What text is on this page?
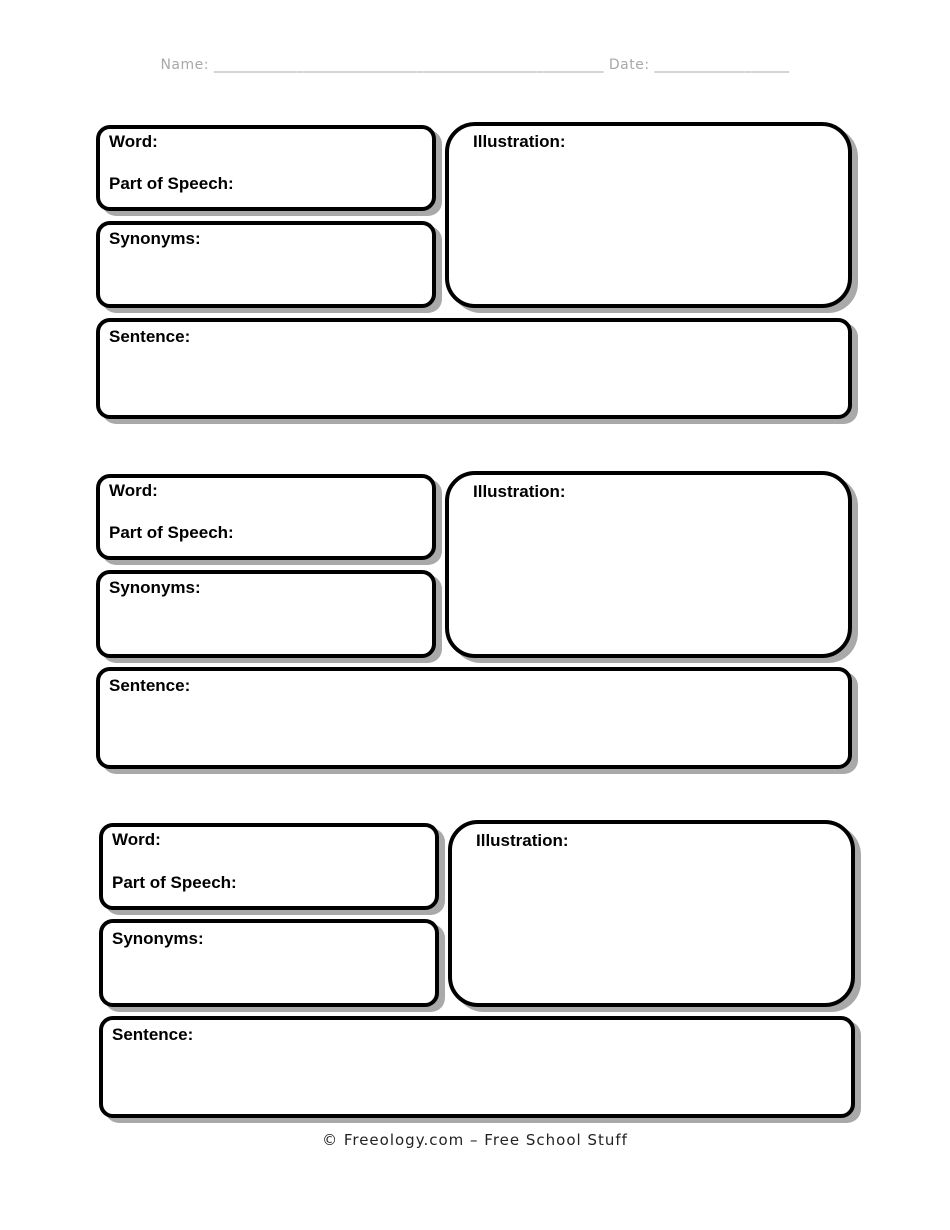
Name: ____________________________________________________ Date: __________________
Word:
Part of Speech:
Synonyms:
Illustration:
Sentence:
Word:
Part of Speech:
Synonyms:
Illustration:
Sentence:
Word:
Part of Speech:
Synonyms:
Illustration:
Sentence:
© Freeology.com – Free School Stuff
